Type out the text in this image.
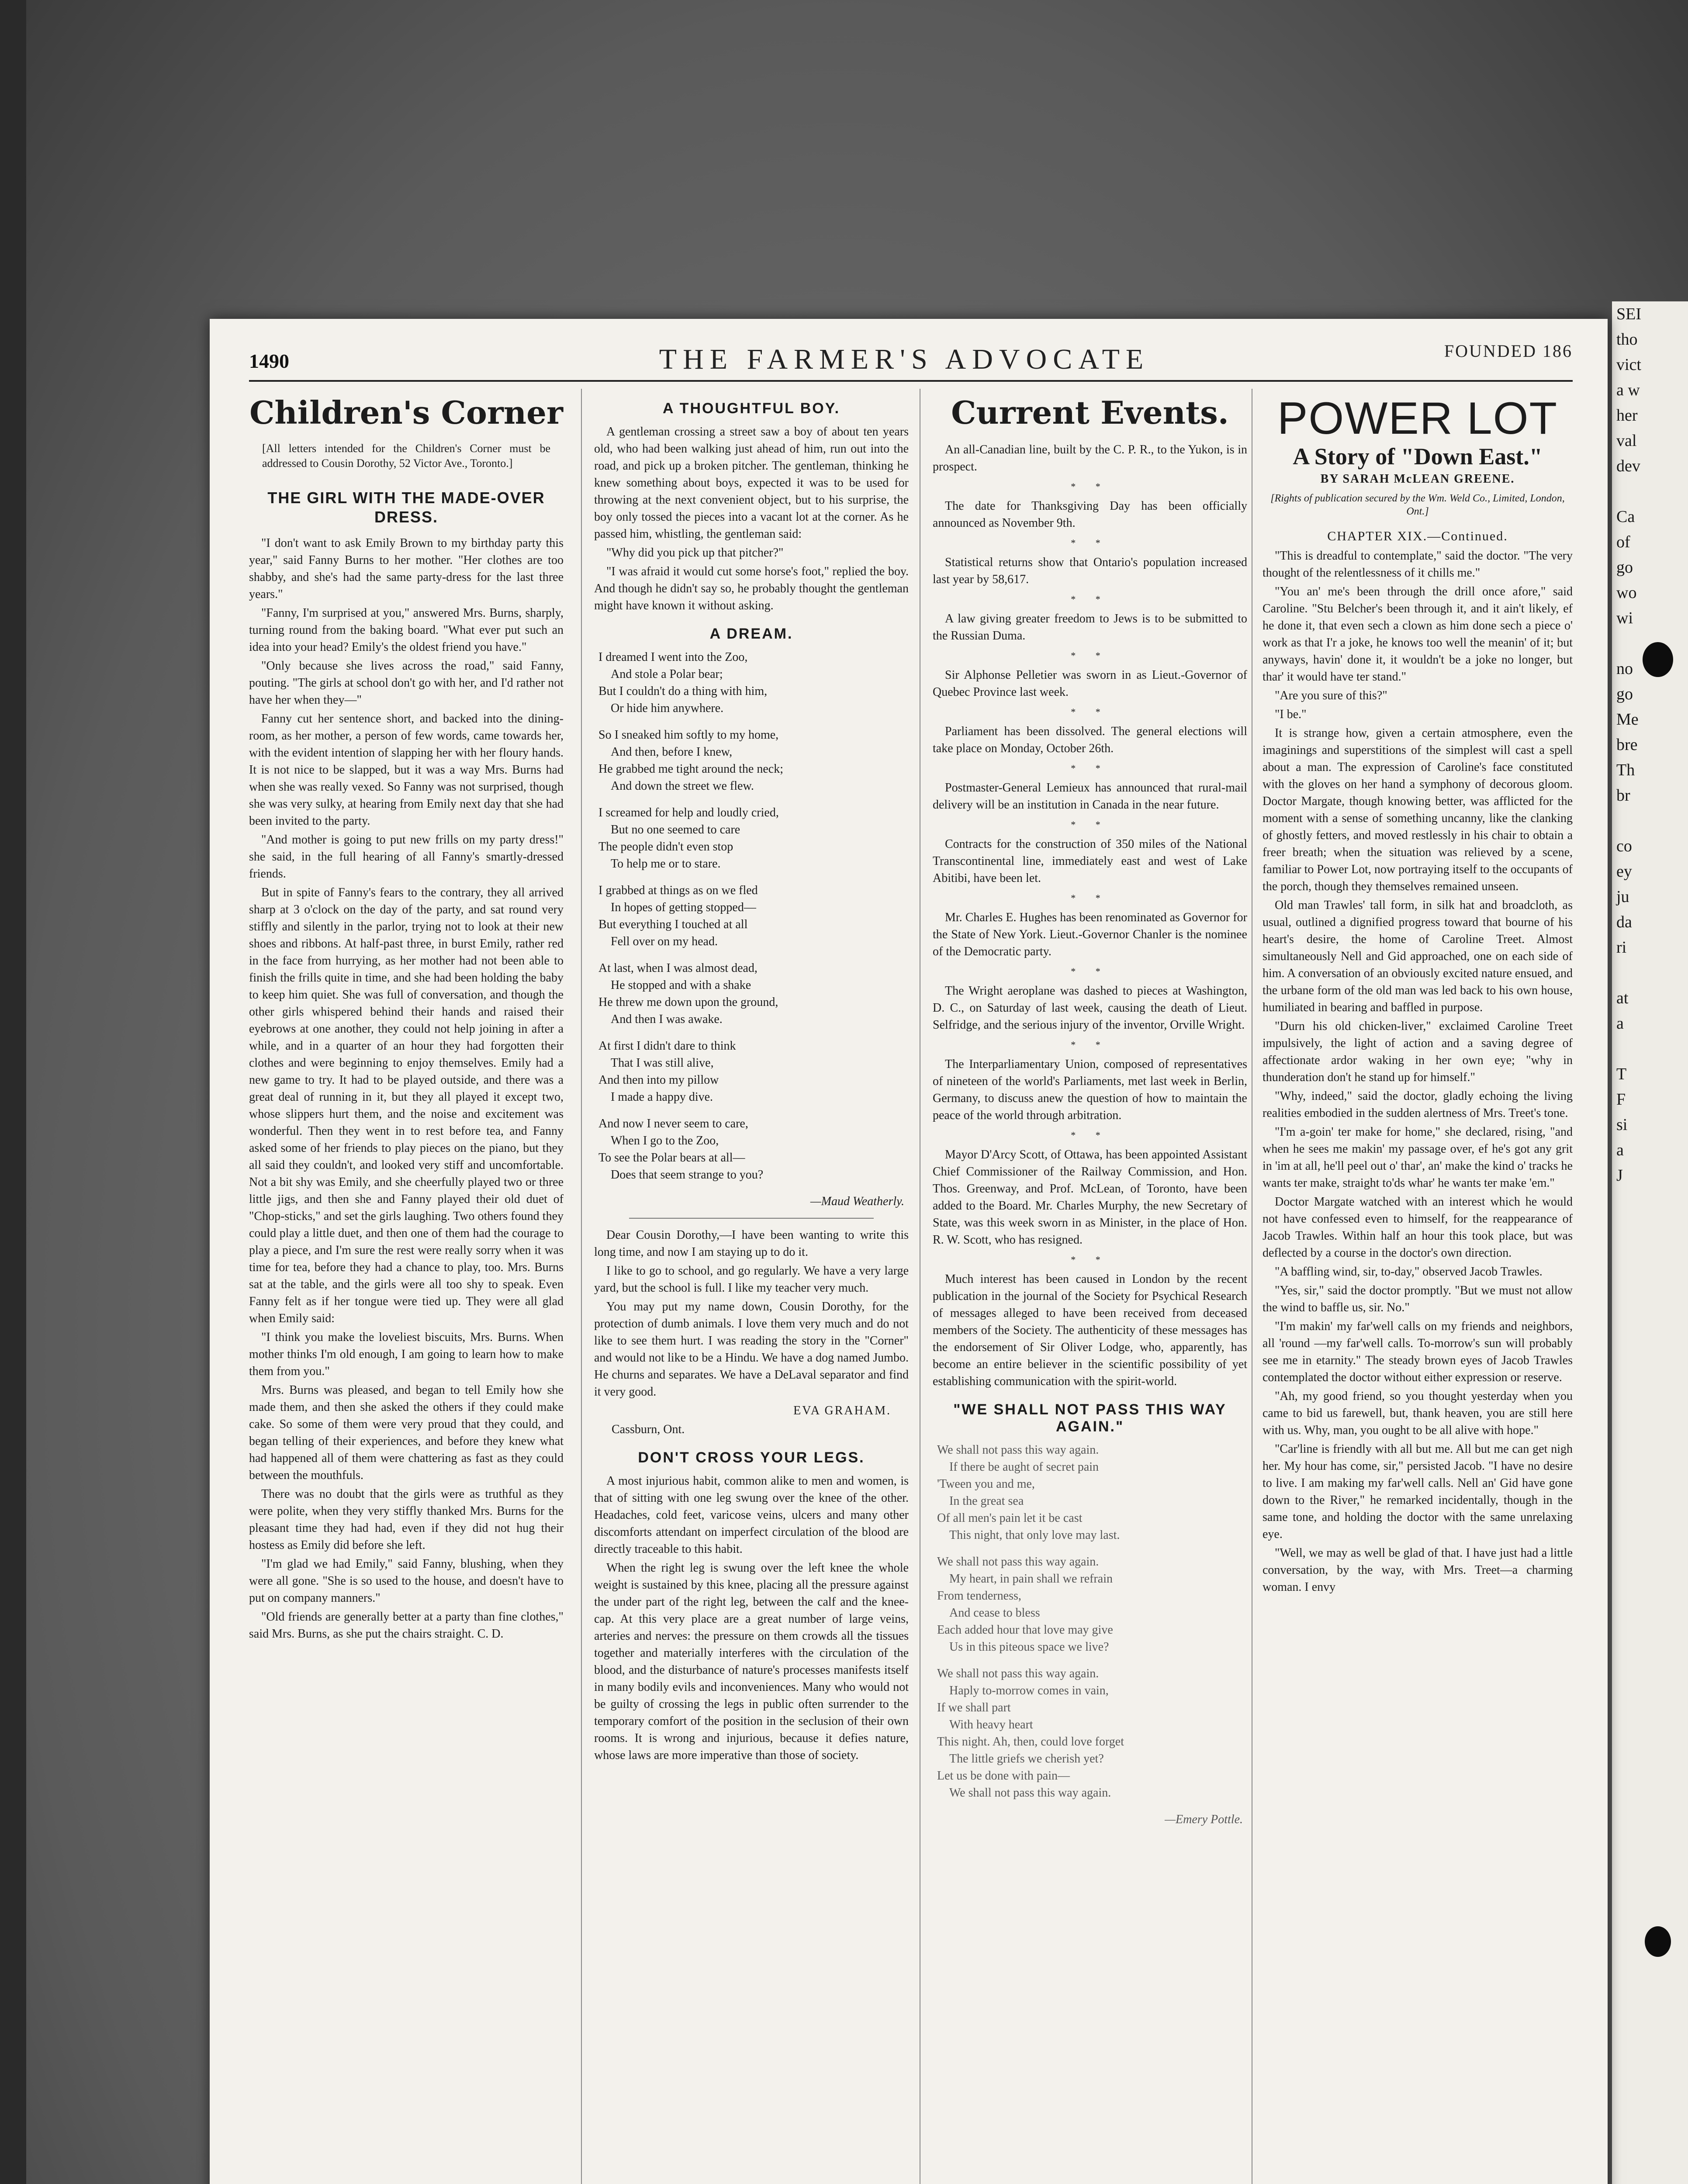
SEI
tho
vict
a w
her
val
dev

Ca
of
go
wo
wi

no
go
Me
bre
Th
br

co
ey
ju
da
ri

at
a

T
F
si
a
J
1490	THE FARMER'S ADVOCATE	FOUNDED 186
Children's Corner
[All letters intended for the Children's Corner must be addressed to Cousin Dorothy, 52 Victor Ave., Toronto.]
THE GIRL WITH THE MADE-OVER DRESS.

"I don't want to ask Emily Brown to my birthday party this year," said Fanny Burns to her mother. "Her clothes are too shabby, and she's had the same party-dress for the last three years."

"Fanny, I'm surprised at you," answered Mrs. Burns, sharply, turning round from the baking board. "What ever put such an idea into your head? Emily's the oldest friend you have."

"Only because she lives across the road," said Fanny, pouting. "The girls at school don't go with her, and I'd rather not have her when they—"

Fanny cut her sentence short, and backed into the dining-room, as her mother, a person of few words, came towards her, with the evident intention of slapping her with her floury hands. It is not nice to be slapped, but it was a way Mrs. Burns had when she was really vexed. So Fanny was not surprised, though she was very sulky, at hearing from Emily next day that she had been invited to the party.

"And mother is going to put new frills on my party dress!" she said, in the full hearing of all Fanny's smartly-dressed friends.

But in spite of Fanny's fears to the contrary, they all arrived sharp at 3 o'clock on the day of the party, and sat round very stiffly and silently in the parlor, trying not to look at their new shoes and ribbons. At half-past three, in burst Emily, rather red in the face from hurrying, as her mother had not been able to finish the frills quite in time, and she had been holding the baby to keep him quiet. She was full of conversation, and though the other girls whispered behind their hands and raised their eyebrows at one another, they could not help joining in after a while, and in a quarter of an hour they had forgotten their clothes and were beginning to enjoy themselves. Emily had a new game to try. It had to be played outside, and there was a great deal of running in it, but they all played it except two, whose slippers hurt them, and the noise and excitement was wonderful. Then they went in to rest before tea, and Fanny asked some of her friends to play pieces on the piano, but they all said they couldn't, and looked very stiff and uncomfortable. Not a bit shy was Emily, and she cheerfully played two or three little jigs, and then she and Fanny played their old duet of "Chop-sticks," and set the girls laughing. Two others found they could play a little duet, and then one of them had the courage to play a piece, and I'm sure the rest were really sorry when it was time for tea, before they had a chance to play, too. Mrs. Burns sat at the table, and the girls were all too shy to speak. Even Fanny felt as if her tongue were tied up. They were all glad when Emily said:

"I think you make the loveliest biscuits, Mrs. Burns. When mother thinks I'm old enough, I am going to learn how to make them from you."

Mrs. Burns was pleased, and began to tell Emily how she made them, and then she asked the others if they could make cake. So some of them were very proud that they could, and began telling of their experiences, and before they knew what had happened all of them were chattering as fast as they could between the mouthfuls.

There was no doubt that the girls were as truthful as they were polite, when they very stiffly thanked Mrs. Burns for the pleasant time they had had, even if they did not hug their hostess as Emily did before she left.

"I'm glad we had Emily," said Fanny, blushing, when they were all gone. "She is so used to the house, and doesn't have to put on company manners."

"Old friends are generally better at a party than fine clothes," said Mrs. Burns, as she put the chairs straight. C. D.

A THOUGHTFUL BOY.

A gentleman crossing a street saw a boy of about ten years old, who had been walking just ahead of him, run out into the road, and pick up a broken pitcher. The gentleman, thinking he knew something about boys, expected it was to be used for throwing at the next convenient object, but to his surprise, the boy only tossed the pieces into a vacant lot at the corner. As he passed him, whistling, the gentleman said:

"Why did you pick up that pitcher?"

"I was afraid it would cut some horse's foot," replied the boy. And though he didn't say so, he probably thought the gentleman might have known it without asking.

A DREAM.
I dreamed I went into the Zoo,
And stole a Polar bear;
But I couldn't do a thing with him,
Or hide him anywhere.
So I sneaked him softly to my home,
And then, before I knew,
He grabbed me tight around the neck;
And down the street we flew.
I screamed for help and loudly cried,
But no one seemed to care
The people didn't even stop
To help me or to stare.
I grabbed at things as on we fled
In hopes of getting stopped—
But everything I touched at all
Fell over on my head.
At last, when I was almost dead,
He stopped and with a shake
He threw me down upon the ground,
And then I was awake.
At first I didn't dare to think
That I was still alive,
And then into my pillow
I made a happy dive.
And now I never seem to care,
When I go to the Zoo,
To see the Polar bears at all—
Does that seem strange to you?
—Maud Weatherly.

Dear Cousin Dorothy,—I have been wanting to write this long time, and now I am staying up to do it.

I like to go to school, and go regularly. We have a very large yard, but the school is full. I like my teacher very much.

You may put my name down, Cousin Dorothy, for the protection of dumb animals. I love them very much and do not like to see them hurt. I was reading the story in the "Corner" and would not like to be a Hindu. We have a dog named Jumbo. He churns and separates. We have a DeLaval separator and find it very good.

EVA GRAHAM.
Cassburn, Ont.
DON'T CROSS YOUR LEGS.

A most injurious habit, common alike to men and women, is that of sitting with one leg swung over the knee of the other. Headaches, cold feet, varicose veins, ulcers and many other discomforts attendant on imperfect circulation of the blood are directly traceable to this habit.

When the right leg is swung over the left knee the whole weight is sustained by this knee, placing all the pressure against the under part of the right leg, between the calf and the knee-cap. At this very place are a great number of large veins, arteries and nerves: the pressure on them crowds all the tissues together and materially interferes with the circulation of the blood, and the disturbance of nature's processes manifests itself in many bodily evils and inconveniences. Many who would not be guilty of crossing the legs in public often surrender to the temporary comfort of the position in the seclusion of their own rooms. It is wrong and injurious, because it defies nature, whose laws are more imperative than those of society.

Current Events.

An all-Canadian line, built by the C. P. R., to the Yukon, is in prospect.

* *

The date for Thanksgiving Day has been officially announced as November 9th.

* *

Statistical returns show that Ontario's population increased last year by 58,617.

* *

A law giving greater freedom to Jews is to be submitted to the Russian Duma.

* *

Sir Alphonse Pelletier was sworn in as Lieut.-Governor of Quebec Province last week.

* *

Parliament has been dissolved. The general elections will take place on Monday, October 26th.

* *

Postmaster-General Lemieux has announced that rural-mail delivery will be an institution in Canada in the near future.

* *

Contracts for the construction of 350 miles of the National Transcontinental line, immediately east and west of Lake Abitibi, have been let.

* *

Mr. Charles E. Hughes has been renominated as Governor for the State of New York. Lieut.-Governor Chanler is the nominee of the Democratic party.

* *

The Wright aeroplane was dashed to pieces at Washington, D. C., on Saturday of last week, causing the death of Lieut. Selfridge, and the serious injury of the inventor, Orville Wright.

* *

The Interparliamentary Union, composed of representatives of nineteen of the world's Parliaments, met last week in Berlin, Germany, to discuss anew the question of how to maintain the peace of the world through arbitration.

* *

Mayor D'Arcy Scott, of Ottawa, has been appointed Assistant Chief Commissioner of the Railway Commission, and Hon. Thos. Greenway, and Prof. McLean, of Toronto, have been added to the Board. Mr. Charles Murphy, the new Secretary of State, was this week sworn in as Minister, in the place of Hon. R. W. Scott, who has resigned.

* *

Much interest has been caused in London by the recent publication in the journal of the Society for Psychical Research of messages alleged to have been received from deceased members of the Society. The authenticity of these messages has the endorsement of Sir Oliver Lodge, who, apparently, has become an entire believer in the scientific possibility of yet establishing communication with the spirit-world.

"WE SHALL NOT PASS THIS WAY AGAIN."
We shall not pass this way again.
If there be aught of secret pain
'Tween you and me,
In the great sea
Of all men's pain let it be cast
This night, that only love may last.
We shall not pass this way again.
My heart, in pain shall we refrain
From tenderness,
And cease to bless
Each added hour that love may give
Us in this piteous space we live?
We shall not pass this way again.
Haply to-morrow comes in vain,
If we shall part
With heavy heart
This night. Ah, then, could love forget
The little griefs we cherish yet?
Let us be done with pain—
We shall not pass this way again.
—Emery Pottle.
POWER LOT
A Story of "Down East."
BY SARAH McLEAN GREENE.
[Rights of publication secured by the Wm. Weld Co., Limited, London, Ont.]
CHAPTER XIX.—Continued.

"This is dreadful to contemplate," said the doctor. "The very thought of the relentlessness of it chills me."

"You an' me's been through the drill once afore," said Caroline. "Stu Belcher's been through it, and it ain't likely, ef he done it, that even sech a clown as him done sech a piece o' work as that I'r a joke, he knows too well the meanin' of it; but anyways, havin' done it, it wouldn't be a joke no longer, but thar' it would have ter stand."

"Are you sure of this?"

"I be."

It is strange how, given a certain atmosphere, even the imaginings and superstitions of the simplest will cast a spell about a man. The expression of Caroline's face constituted with the gloves on her hand a symphony of decorous gloom. Doctor Margate, though knowing better, was afflicted for the moment with a sense of something uncanny, like the clanking of ghostly fetters, and moved restlessly in his chair to obtain a freer breath; when the situation was relieved by a scene, familiar to Power Lot, now portraying itself to the occupants of the porch, though they themselves remained unseen.

Old man Trawles' tall form, in silk hat and broadcloth, as usual, outlined a dignified progress toward that bourne of his heart's desire, the home of Caroline Treet. Almost simultaneously Nell and Gid approached, one on each side of him. A conversation of an obviously excited nature ensued, and the urbane form of the old man was led back to his own house, humiliated in bearing and baffled in purpose.

"Durn his old chicken-liver," exclaimed Caroline Treet impulsively, the light of action and a saving degree of affectionate ardor waking in her own eye; "why in thunderation don't he stand up for himself."

"Why, indeed," said the doctor, gladly echoing the living realities embodied in the sudden alertness of Mrs. Treet's tone.

"I'm a-goin' ter make for home," she declared, rising, "and when he sees me makin' my passage over, ef he's got any grit in 'im at all, he'll peel out o' thar', an' make the kind o' tracks he wants ter make, straight to'ds whar' he wants ter make 'em."

Doctor Margate watched with an interest which he would not have confessed even to himself, for the reappearance of Jacob Trawles. Within half an hour this took place, but was deflected by a course in the doctor's own direction.

"A baffling wind, sir, to-day," observed Jacob Trawles.

"Yes, sir," said the doctor promptly. "But we must not allow the wind to baffle us, sir. No."

"I'm makin' my far'well calls on my friends and neighbors, all 'round —my far'well calls. To-morrow's sun will probably see me in etarnity." The steady brown eyes of Jacob Trawles contemplated the doctor without either expression or reserve.

"Ah, my good friend, so you thought yesterday when you came to bid us farewell, but, thank heaven, you are still here with us. Why, man, you ought to be all alive with hope."

"Car'line is friendly with all but me. All but me can get nigh her. My hour has come, sir," persisted Jacob. "I have no desire to live. I am making my far'well calls. Nell an' Gid have gone down to the River," he remarked incidentally, though in the same tone, and holding the doctor with the same unrelaxing eye.

"Well, we may as well be glad of that. I have just had a little conversation, by the way, with Mrs. Treet—a charming woman. I envy
